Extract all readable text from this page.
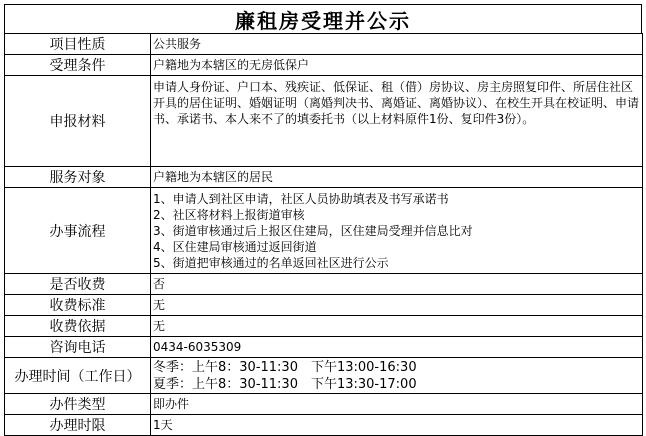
廉租房受理并公示
项目性质	公共服务
受理条件	户籍地为本辖区的无房低保户
申报材料	申请人身份证、户口本、残疾证、低保证、租（借）房协议、房主房照复印件、所居住社区开具的居住证明、婚姻证明（离婚判决书、离婚证、离婚协议）、在校生开具在校证明、申请书、承诺书、本人来不了的填委托书（以上材料原件1份、复印件3份）。

服务对象	户籍地为本辖区的居民
办事流程	1、申请人到社区申请，社区人员协助填表及书写承诺书
2、社区将材料上报街道审核
3、街道审核通过后上报区住建局，区住建局受理并信息比对
4、区住建局审核通过返回街道
5、街道把审核通过的名单返回社区进行公示

是否收费	否
收费标准	无
收费依据	无
咨询电话	0434-6035309
办理时间（工作日）	冬季：上午8：30-11:30　下午13:00-16:30
夏季：上午8：30-11:30　下午13:30-17:00

办件类型	即办件
办理时限	1天
